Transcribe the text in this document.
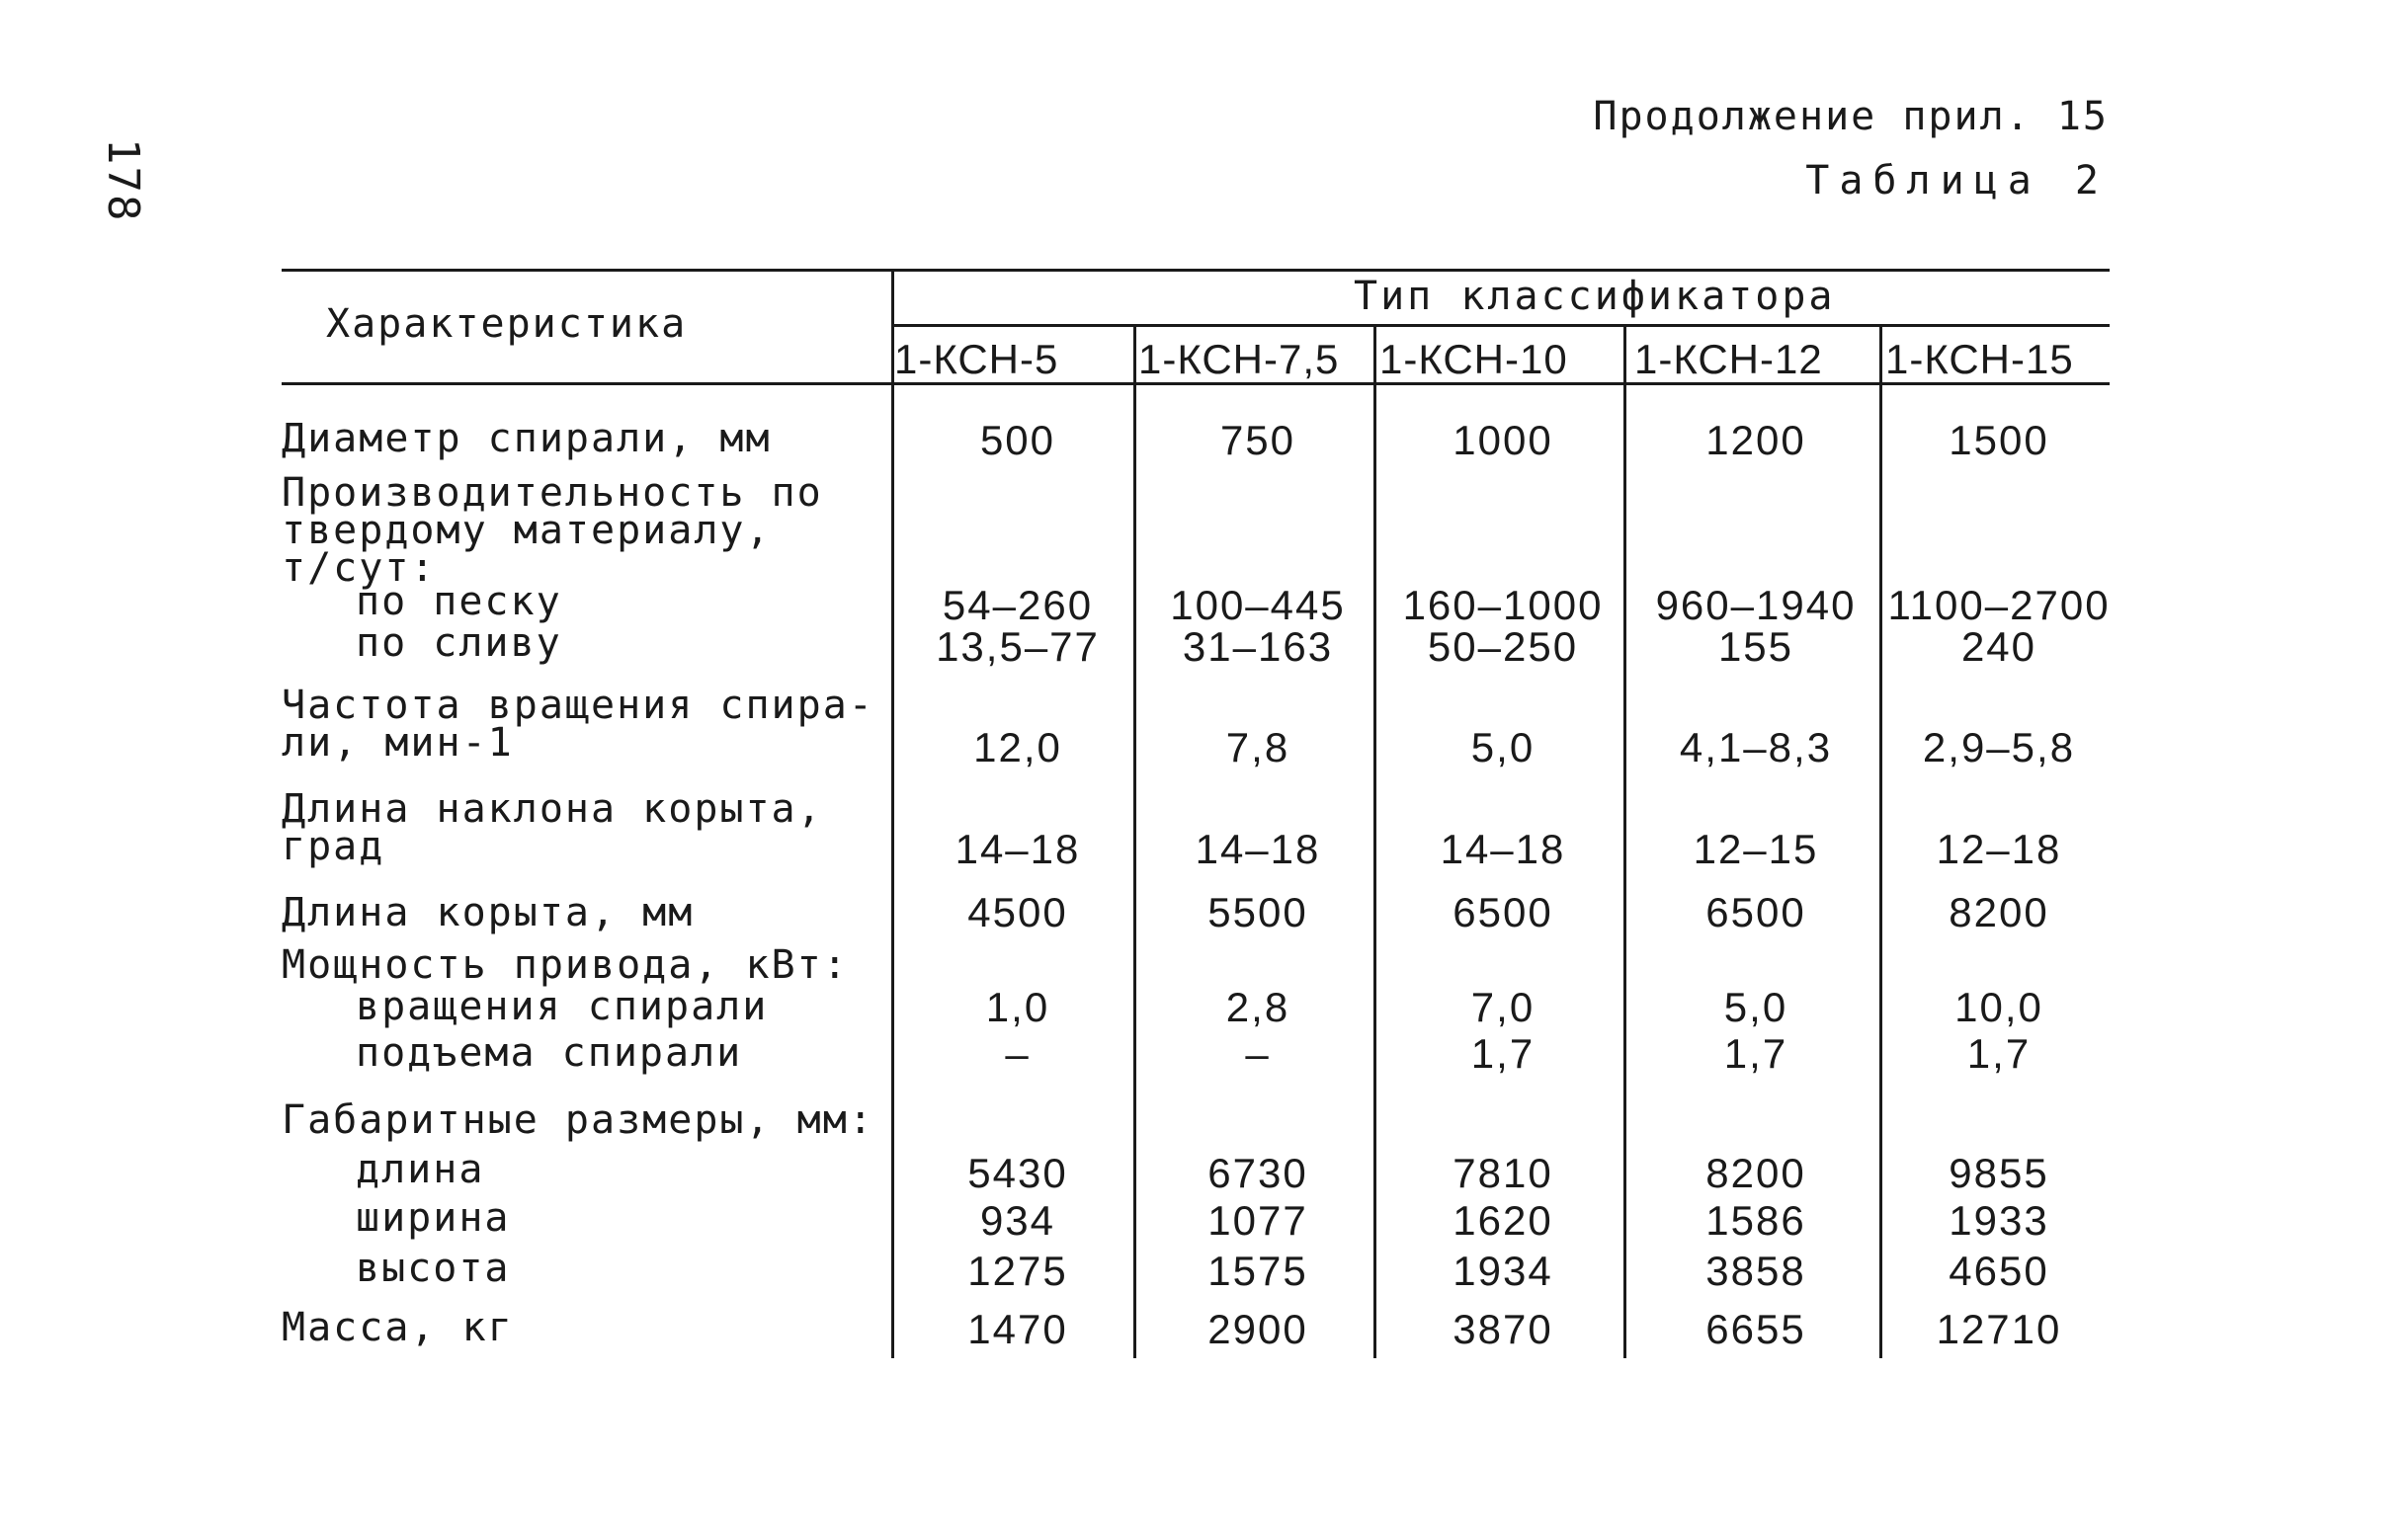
178
Продолжение прил. 15
Таблица 2
Характеристика
Тип классификатора
1-КСН-5 1-КСН-7,5 1-КСН-10 1-КСН-12 1-КСН-15
Диаметр спирали, мм	500	750	1000	1200	1500
Производительность по
твердому материалу,
т/сут:
по песку	54–260	100–445	160–1000	960–1940 1100–2700
по сливу	13,5–77	31–163	50–250	155	240
Частота вращения спира-
ли, мин-1	12,0	7,8	5,0	4,1–8,3	2,9–5,8
Длина наклона корыта,
град	14–18	14–18	14–18	12–15	12–18
Длина корыта, мм	4500	5500	6500	6500	8200
Мощность привода, кВт:
вращения спирали	1,0	2,8	7,0	5,0	10,0
подъема спирали	–	–	1,7	1,7	1,7
Габаритные размеры, мм:
длина	5430	6730	7810	8200	9855
ширина	934	1077	1620	1586	1933
высота	1275	1575	1934	3858	4650
Масса, кг	1470	2900	3870	6655	12710
